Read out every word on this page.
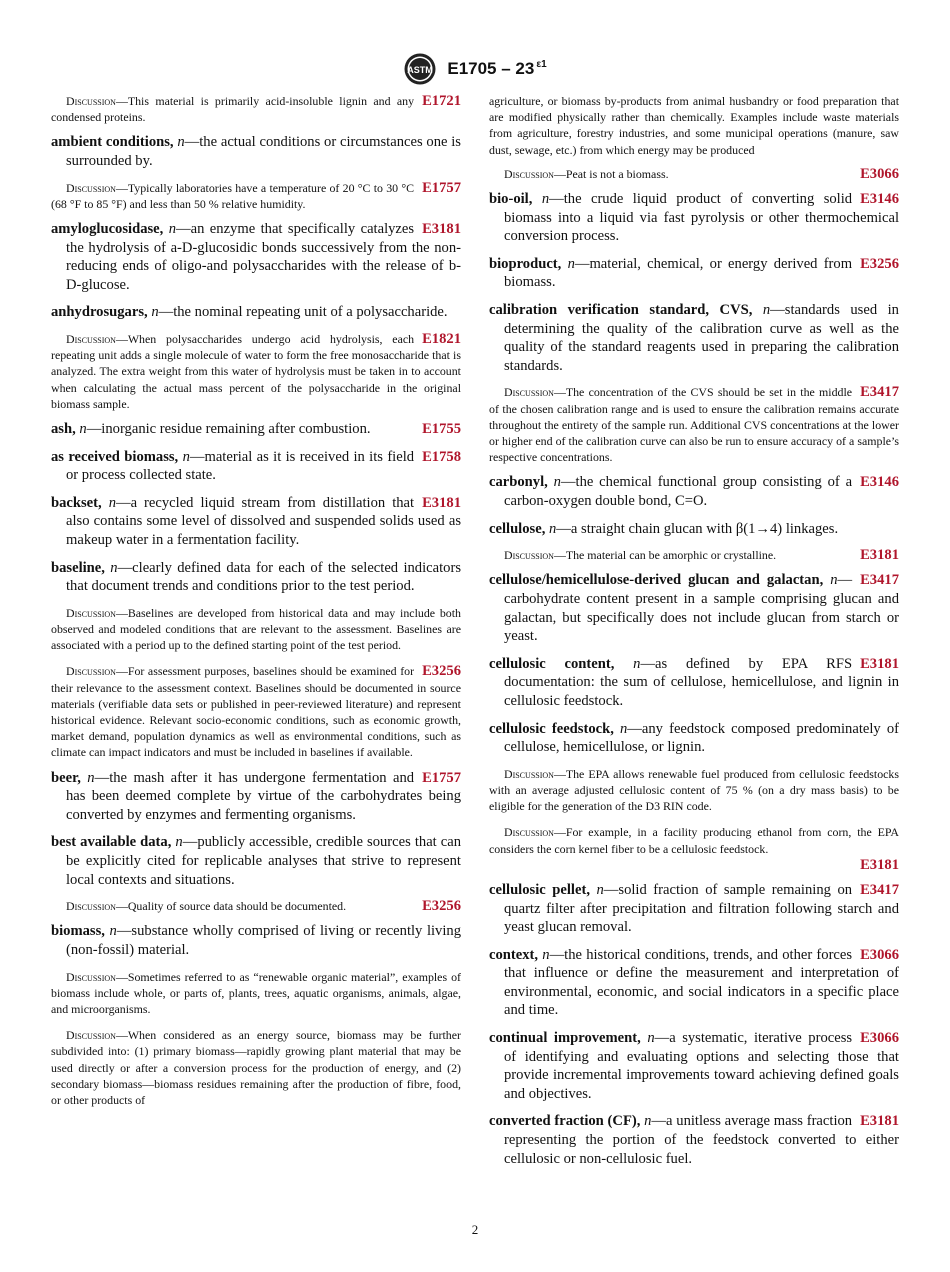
ASTM E1705 – 23 $^{\varepsilon 1}$
E1721
Discussion—This material is primarily acid-insoluble lignin and any condensed proteins.
ambient conditions, n—the actual conditions or circumstances one is surrounded by.
E1757
Discussion—Typically laboratories have a temperature of 20 °C to 30 °C (68 °F to 85 °F) and less than 50 % relative humidity.
E3181
amyloglucosidase, n—an enzyme that specifically catalyzes the hydrolysis of a-D-glucosidic bonds successively from the non-reducing ends of oligo-and polysaccharides with the release of b-D-glucose.
anhydrosugars, n—the nominal repeating unit of a polysaccharide.
E1821
Discussion—When polysaccharides undergo acid hydrolysis, each repeating unit adds a single molecule of water to form the free monosaccharide that is analyzed. The extra weight from this water of hydrolysis must be taken in to account when calculating the actual mass percent of the polysaccharide in the original biomass sample.
E1755
ash, n—inorganic residue remaining after combustion.
E1758
as received biomass, n—material as it is received in its field or process collected state.
E3181
backset, n—a recycled liquid stream from distillation that also contains some level of dissolved and suspended solids used as makeup water in a fermentation facility.
baseline, n—clearly defined data for each of the selected indicators that document trends and conditions prior to the test period.
Discussion—Baselines are developed from historical data and may include both observed and modeled conditions that are relevant to the assessment. Baselines are associated with a period up to the defined starting point of the test period.
E3256
Discussion—For assessment purposes, baselines should be examined for their relevance to the assessment context. Baselines should be documented in source materials (verifiable data sets or published in peer-reviewed literature) and represent historical evidence. Relevant socio-economic conditions, such as economic growth, market demand, population dynamics as well as environmental conditions, such as climate can impact indicators and must be included in baselines if available.
E1757
beer, n—the mash after it has undergone fermentation and has been deemed complete by virtue of the carbohydrates being converted by enzymes and fermenting organisms.
best available data, n—publicly accessible, credible sources that can be explicitly cited for replicable analyses that strive to represent local contexts and situations.
E3256
Discussion—Quality of source data should be documented.
biomass, n—substance wholly comprised of living or recently living (non-fossil) material.
Discussion—Sometimes referred to as “renewable organic material”, examples of biomass include whole, or parts of, plants, trees, aquatic organisms, animals, algae, and microorganisms.
Discussion—When considered as an energy source, biomass may be further subdivided into: (1) primary biomass—rapidly growing plant material that may be used directly or after a conversion process for the production of energy, and (2) secondary biomass—biomass residues remaining after the production of fibre, food, or other products of
agriculture, or biomass by-products from animal husbandry or food preparation that are modified physically rather than chemically. Examples include waste materials from agriculture, forestry industries, and some municipal operations (manure, saw dust, sewage, etc.) from which energy may be produced
E3066
Discussion—Peat is not a biomass.
E3146
bio-oil, n—the crude liquid product of converting solid biomass into a liquid via fast pyrolysis or other thermochemical conversion process.
E3256
bioproduct, n—material, chemical, or energy derived from biomass.
calibration verification standard, CVS, n—standards used in determining the quality of the calibration curve as well as the quality of the standard reagents used in preparing the calibration standards.
E3417
Discussion—The concentration of the CVS should be set in the middle of the chosen calibration range and is used to ensure the calibration remains accurate throughout the entirety of the sample run. Additional CVS concentrations at the lower or higher end of the calibration curve can also be run to ensure accuracy of a sample’s respective concentrations.
E3146
carbonyl, n—the chemical functional group consisting of a carbon-oxygen double bond, C=O.
cellulose, n—a straight chain glucan with β(1→4) linkages.
E3181
Discussion—The material can be amorphic or crystalline.
E3417
cellulose/hemicellulose-derived glucan and galactan, n—carbohydrate content present in a sample comprising glucan and galactan, but specifically does not include glucan from starch or yeast.
E3181
cellulosic content, n—as defined by EPA RFS documentation: the sum of cellulose, hemicellulose, and lignin in cellulosic feedstock.
cellulosic feedstock, n—any feedstock composed predominately of cellulose, hemicellulose, or lignin.
Discussion—The EPA allows renewable fuel produced from cellulosic feedstocks with an average adjusted cellulosic content of 75 % (on a dry mass basis) to be eligible for the generation of the D3 RIN code.
Discussion—For example, in a facility producing ethanol from corn, the EPA considers the corn kernel fiber to be a cellulosic feedstock.
E3181
E3417
cellulosic pellet, n—solid fraction of sample remaining on quartz filter after precipitation and filtration following starch and yeast glucan removal.
E3066
context, n—the historical conditions, trends, and other forces that influence or define the measurement and interpretation of environmental, economic, and social indicators in a specific place and time.
E3066
continual improvement, n—a systematic, iterative process of identifying and evaluating options and selecting those that provide incremental improvements toward achieving defined goals and objectives.
E3181
converted fraction (CF), n—a unitless average mass fraction representing the portion of the feedstock converted to either cellulosic or non-cellulosic fuel.
2
